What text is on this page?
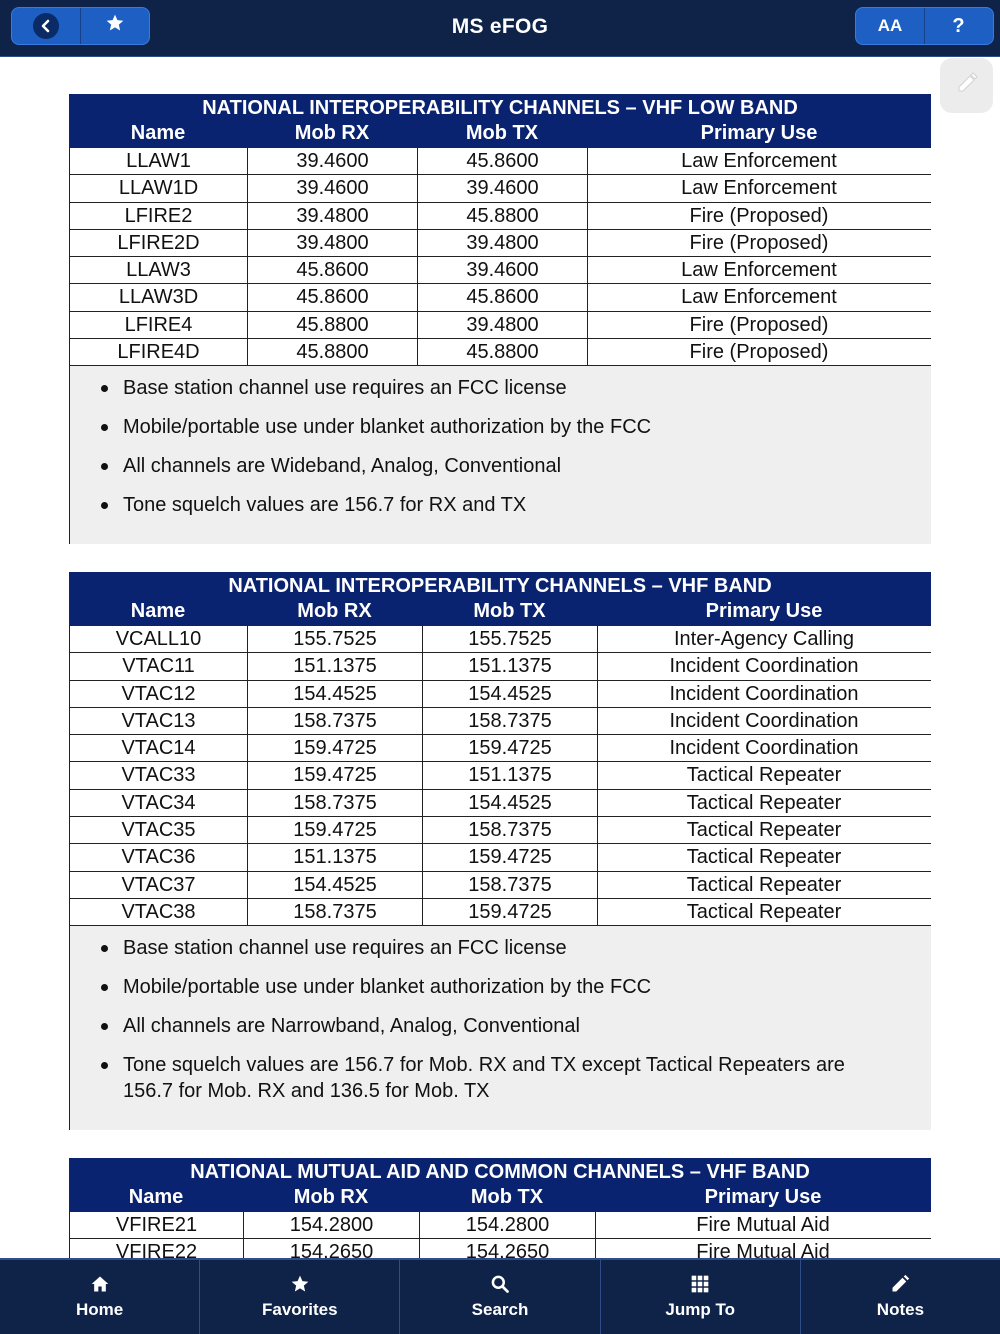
MS eFOG	AA	?
NATIONAL INTEROPERABILITY CHANNELS – VHF LOW BAND
Name	Mob RX	Mob TX	Primary Use
LLAW1	39.4600	45.8600	Law Enforcement
LLAW1D	39.4600	39.4600	Law Enforcement
LFIRE2	39.4800	45.8800	Fire (Proposed)
LFIRE2D	39.4800	39.4800	Fire (Proposed)
LLAW3	45.8600	39.4600	Law Enforcement
LLAW3D	45.8600	45.8600	Law Enforcement
LFIRE4	45.8800	39.4800	Fire (Proposed)
LFIRE4D	45.8800	45.8800	Fire (Proposed)
Base station channel use requires an FCC license
Mobile/portable use under blanket authorization by the FCC
All channels are Wideband, Analog, Conventional
Tone squelch values are 156.7 for RX and TX
NATIONAL INTEROPERABILITY CHANNELS – VHF BAND
Name	Mob RX	Mob TX	Primary Use
VCALL10	155.7525	155.7525	Inter-Agency Calling
VTAC11	151.1375	151.1375	Incident Coordination
VTAC12	154.4525	154.4525	Incident Coordination
VTAC13	158.7375	158.7375	Incident Coordination
VTAC14	159.4725	159.4725	Incident Coordination
VTAC33	159.4725	151.1375	Tactical Repeater
VTAC34	158.7375	154.4525	Tactical Repeater
VTAC35	159.4725	158.7375	Tactical Repeater
VTAC36	151.1375	159.4725	Tactical Repeater
VTAC37	154.4525	158.7375	Tactical Repeater
VTAC38	158.7375	159.4725	Tactical Repeater
Base station channel use requires an FCC license
Mobile/portable use under blanket authorization by the FCC
All channels are Narrowband, Analog, Conventional
Tone squelch values are 156.7 for Mob. RX and TX except Tactical Repeaters are 156.7 for Mob. RX and 136.5 for Mob. TX
NATIONAL MUTUAL AID AND COMMON CHANNELS – VHF BAND
Name	Mob RX	Mob TX	Primary Use
VFIRE21	154.2800	154.2800	Fire Mutual Aid
VFIRE22	154.2650	154.2650	Fire Mutual Aid
Home	Favorites	Search	Jump To	Notes
